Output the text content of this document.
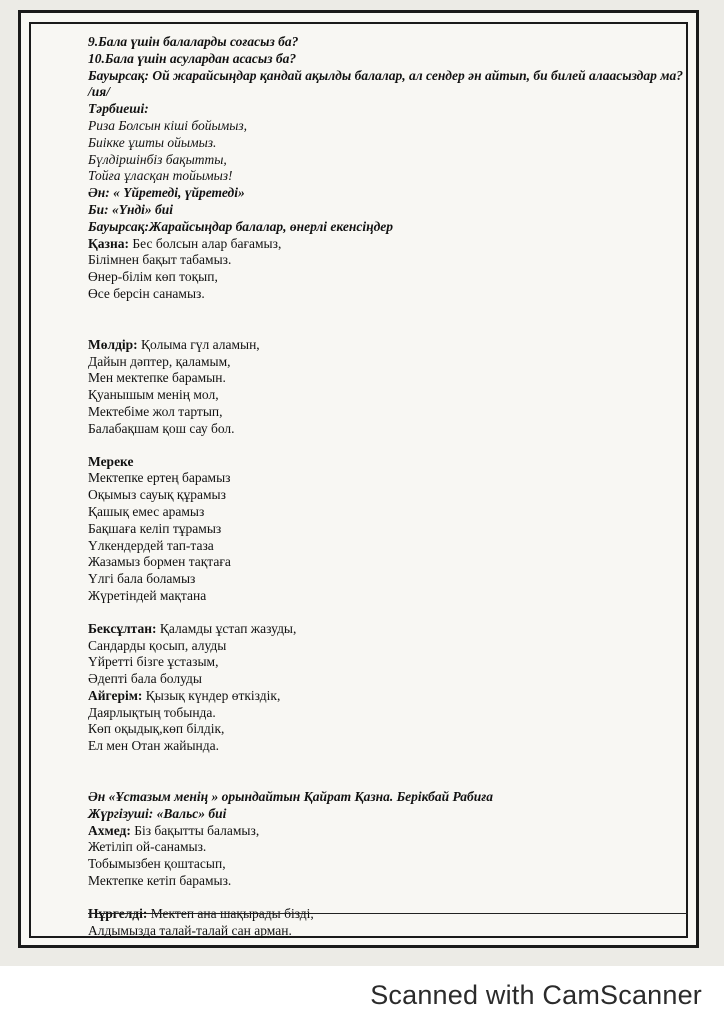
9.Бала үшін балаларды соғасыз ба?
10.Бала үшін асулардан асасыз ба?
Бауырсақ: Ой жарайсыңдар қандай ақылды балалар, ал сендер ән айтып, би билей алаасыздар ма? /ия/
Тәрбиеші:
Риза Болсын кіші бойымыз,
Биікке ұшты ойымыз.
Бүлдіршінбіз бақытты,
Тойға ұласқан тойымыз!
Ән: « Үйретеді, үйретеді»
Би: «Үнді» биі
Бауырсақ:Жарайсыңдар балалар, өнерлі екенсіңдер
Қазна: Бес болсын алар бағамыз,
Білімнен бақыт табамыз.
Өнер-білім көп тоқып,
Өсе берсін санамыз.
Мөлдір: Қолыма гүл аламын,
Дайын дәптер, қаламым,
Мен мектепке барамын.
Қуанышым менің мол,
Мектебіме жол тартып,
Балабақшам қош сау бол.
Мереке
Мектепке ертең барамыз
Оқымыз сауық құрамыз
Қашық емес арамыз
Бақшаға келіп тұрамыз
Үлкендердей тап-таза
Жазамыз бормен тақтаға
Үлгі бала боламыз
Жүретіндей мақтана
Бексұлтан: Қаламды ұстап жазуды,
Сандарды қосып, алуды
Үйретті бізге ұстазым,
Әдепті бала болуды
Айгерім: Қызық күндер өткіздік,
Даярлықтың тобында.
Көп оқыдық,көп білдік,
Ел мен Отан жайында.
Ән «Ұстазым менің » орындайтын Қайрат Қазна. Берікбай Рабиға
Жүргізуші: «Вальс» биі
Ахмед: Біз бақытты баламыз,
Жетіліп ой-санамыз.
Тобымызбен қоштасып,
Мектепке кетіп барамыз.
Нұргелді: Мектеп ана шақырады бізді,
Алдымызда талай-талай сан арман.
Scanned with CamScanner
